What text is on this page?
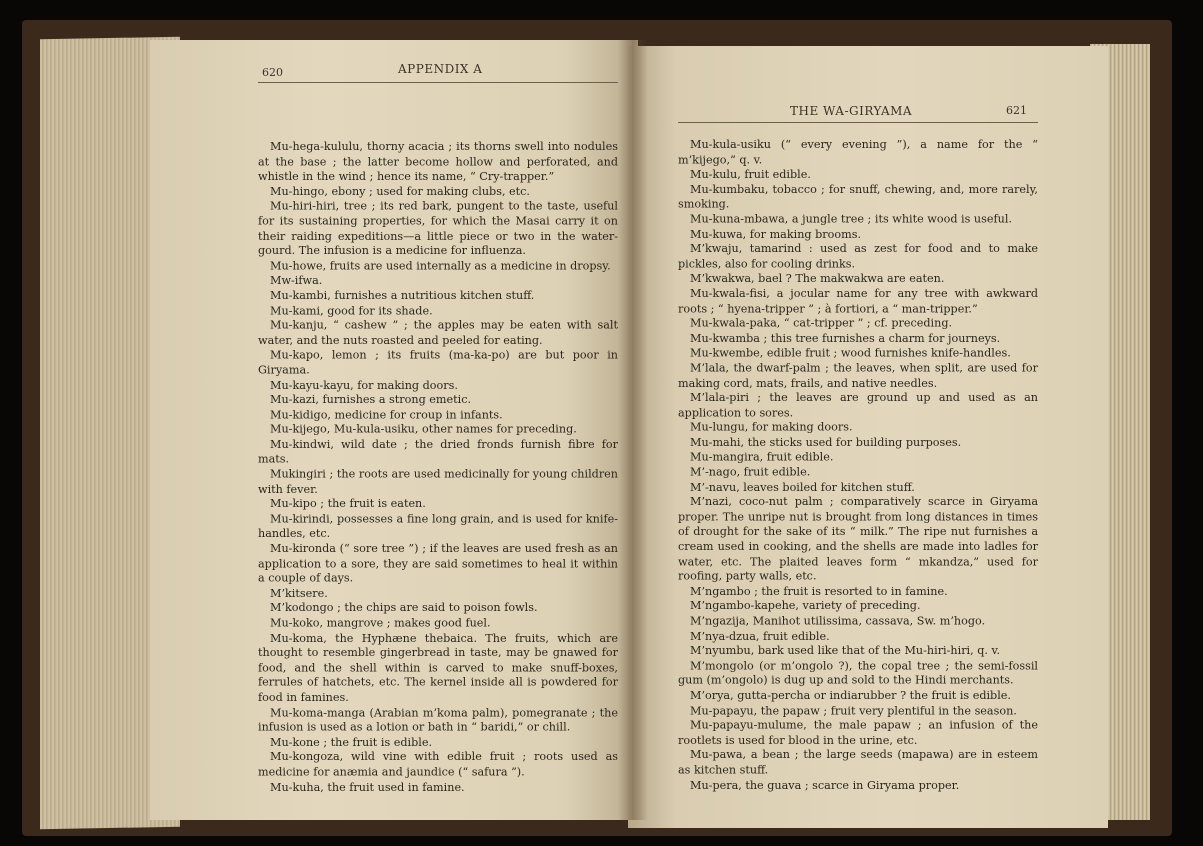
620	APPENDIX A
THE WA-GIRYAMA	621

Mu-hega-kululu, thorny acacia ; its thorns swell into nodules at the base ; the latter become hollow and perforated, and whistle in the wind ; hence its name, “ Cry-trapper.”

Mu-hingo, ebony ; used for making clubs, etc.

Mu-hiri-hiri, tree ; its red bark, pungent to the taste, useful for its sustaining properties, for which the Masai carry it on their raiding expeditions—a little piece or two in the water-gourd. The infusion is a medicine for influenza.

Mu-howe, fruits are used internally as a medicine in dropsy.

Mw-ifwa.

Mu-kambi, furnishes a nutritious kitchen stuff.

Mu-kami, good for its shade.

Mu-kanju, “ cashew ” ; the apples may be eaten with salt water, and the nuts roasted and peeled for eating.

Mu-kapo, lemon ; its fruits (ma-ka-po) are but poor in Giryama.

Mu-kayu-kayu, for making doors.

Mu-kazi, furnishes a strong emetic.

Mu-kidigo, medicine for croup in infants.

Mu-kijego, Mu-kula-usiku, other names for preceding.

Mu-kindwi, wild date ; the dried fronds furnish fibre for mats.

Mukingiri ; the roots are used medicinally for young children with fever.

Mu-kipo ; the fruit is eaten.

Mu-kirindi, possesses a fine long grain, and is used for knife-handles, etc.

Mu-kironda (“ sore tree ”) ; if the leaves are used fresh as an application to a sore, they are said sometimes to heal it within a couple of days.

M’kitsere.

M’kodongo ; the chips are said to poison fowls.

Mu-koko, mangrove ; makes good fuel.

Mu-koma, the Hyphæne thebaica. The fruits, which are thought to resemble gingerbread in taste, may be gnawed for food, and the shell within is carved to make snuff-boxes, ferrules of hatchets, etc. The kernel inside all is powdered for food in famines.

Mu-koma-manga (Arabian m’koma palm), pomegranate ; the infusion is used as a lotion or bath in “ baridi,” or chill.

Mu-kone ; the fruit is edible.

Mu-kongoza, wild vine with edible fruit ; roots used as medicine for anæmia and jaundice (“ safura ”).

Mu-kuha, the fruit used in famine.

Mu-kula-usiku (“ every evening ”), a name for the “ m’kijego,” q. v.

Mu-kulu, fruit edible.

Mu-kumbaku, tobacco ; for snuff, chewing, and, more rarely, smoking.

Mu-kuna-mbawa, a jungle tree ; its white wood is useful.

Mu-kuwa, for making brooms.

M’kwaju, tamarind : used as zest for food and to make pickles, also for cooling drinks.

M’kwakwa, bael ? The makwakwa are eaten.

Mu-kwala-fisi, a jocular name for any tree with awkward roots ; “ hyena-tripper ” ; à fortiori, a “ man-tripper.”

Mu-kwala-paka, “ cat-tripper ” ; cf. preceding.

Mu-kwamba ; this tree furnishes a charm for journeys.

Mu-kwembe, edible fruit ; wood furnishes knife-handles.

M’lala, the dwarf-palm ; the leaves, when split, are used for making cord, mats, frails, and native needles.

M’lala-piri ; the leaves are ground up and used as an application to sores.

Mu-lungu, for making doors.

Mu-mahi, the sticks used for building purposes.

Mu-mangira, fruit edible.

M’-nago, fruit edible.

M’-navu, leaves boiled for kitchen stuff.

M’nazi, coco-nut palm ; comparatively scarce in Giryama proper. The unripe nut is brought from long distances in times of drought for the sake of its “ milk.” The ripe nut furnishes a cream used in cooking, and the shells are made into ladles for water, etc. The plaited leaves form “ mkandza,” used for roofing, party walls, etc.

M’ngambo ; the fruit is resorted to in famine.

M’ngambo-kapehe, variety of preceding.

M’ngazija, Manihot utilissima, cassava, Sw. m’hogo.

M’nya-dzua, fruit edible.

M’nyumbu, bark used like that of the Mu-hiri-hiri, q. v.

M’mongolo (or m’ongolo ?), the copal tree ; the semi-fossil gum (m’ongolo) is dug up and sold to the Hindi merchants.

M’orya, gutta-percha or indiarubber ? the fruit is edible.

Mu-papayu, the papaw ; fruit very plentiful in the season.

Mu-papayu-mulume, the male papaw ; an infusion of the rootlets is used for blood in the urine, etc.

Mu-pawa, a bean ; the large seeds (mapawa) are in esteem as kitchen stuff.

Mu-pera, the guava ; scarce in Giryama proper.
